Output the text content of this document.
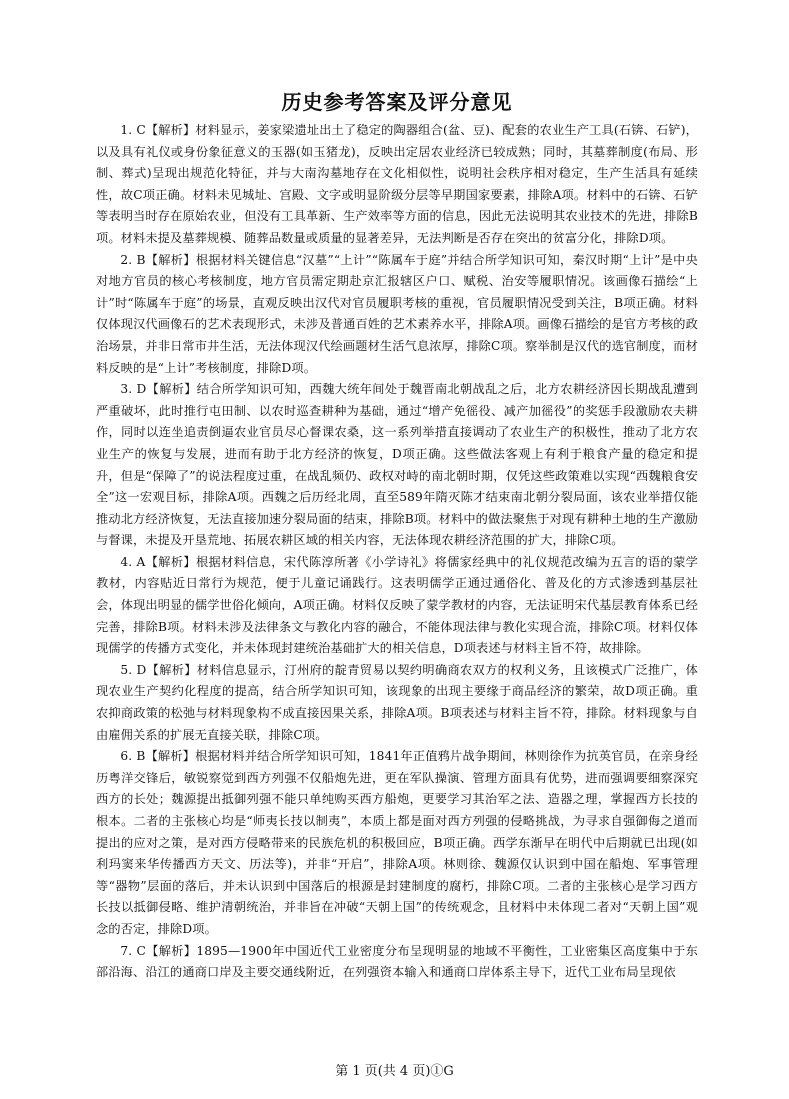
历史参考答案及评分意见

1. C【解析】材料显示，姜家梁遗址出土了稳定的陶器组合(盆、豆)、配套的农业生产工具(石锛、石铲)，以及具有礼仪或身份象征意义的玉器(如玉猪龙)，反映出定居农业经济已较成熟；同时，其墓葬制度(布局、形制、葬式)呈现出规范化特征，并与大南沟墓地存在文化相似性，说明社会秩序相对稳定，生产生活具有延续性，故C项正确。材料未见城址、宫殿、文字或明显阶级分层等早期国家要素，排除A项。材料中的石锛、石铲等表明当时存在原始农业，但没有工具革新、生产效率等方面的信息，因此无法说明其农业技术的先进，排除B项。材料未提及墓葬规模、随葬品数量或质量的显著差异，无法判断是否存在突出的贫富分化，排除D项。

2. B【解析】根据材料关键信息“汉墓”“上计”“陈属车于庭”并结合所学知识可知，秦汉时期“上计”是中央对地方官员的核心考核制度，地方官员需定期赴京汇报辖区户口、赋税、治安等履职情况。该画像石描绘“上计”时“陈属车于庭”的场景，直观反映出汉代对官员履职考核的重视，官员履职情况受到关注，B项正确。材料仅体现汉代画像石的艺术表现形式，未涉及普通百姓的艺术素养水平，排除A项。画像石描绘的是官方考核的政治场景，并非日常市井生活，无法体现汉代绘画题材生活气息浓厚，排除C项。察举制是汉代的选官制度，而材料反映的是“上计”考核制度，排除D项。

3. D【解析】结合所学知识可知，西魏大统年间处于魏晋南北朝战乱之后，北方农耕经济因长期战乱遭到严重破坏，此时推行屯田制、以农时巡查耕种为基础，通过“增产免徭役、减产加徭役”的奖惩手段激励农夫耕作，同时以连坐追责倒逼农业官员尽心督课农桑，这一系列举措直接调动了农业生产的积极性，推动了北方农业生产的恢复与发展，进而有助于北方经济的恢复，D项正确。这些做法客观上有利于粮食产量的稳定和提升，但是“保障了”的说法程度过重，在战乱频仍、政权对峙的南北朝时期，仅凭这些政策难以实现“西魏粮食安全”这一宏观目标，排除A项。西魏之后历经北周，直至589年隋灭陈才结束南北朝分裂局面，该农业举措仅能推动北方经济恢复，无法直接加速分裂局面的结束，排除B项。材料中的做法聚焦于对现有耕种土地的生产激励与督课，未提及开垦荒地、拓展农耕区域的相关内容，无法体现农耕经济范围的扩大，排除C项。

4. A【解析】根据材料信息，宋代陈淳所著《小学诗礼》将儒家经典中的礼仪规范改编为五言的语的蒙学教材，内容贴近日常行为规范，便于儿童记诵践行。这表明儒学正通过通俗化、普及化的方式渗透到基层社会，体现出明显的儒学世俗化倾向，A项正确。材料仅反映了蒙学教材的内容，无法证明宋代基层教育体系已经完善，排除B项。材料未涉及法律条文与教化内容的融合，不能体现法律与教化实现合流，排除C项。材料仅体现儒学的传播方式变化，并未体现封建统治基础扩大的相关信息，D项表述与材料主旨不符，故排除。

5. D【解析】材料信息显示，汀州府的靛青贸易以契约明确商农双方的权利义务，且该模式广泛推广，体现农业生产契约化程度的提高，结合所学知识可知，该现象的出现主要缘于商品经济的繁荣，故D项正确。重农抑商政策的松弛与材料现象构不成直接因果关系，排除A项。B项表述与材料主旨不符，排除。材料现象与自由雇佣关系的扩展无直接关联，排除C项。

6. B【解析】根据材料并结合所学知识可知，1841年正值鸦片战争期间，林则徐作为抗英官员，在亲身经历粤洋交锋后，敏锐察觉到西方列强不仅船炮先进，更在军队操演、管理方面具有优势，进而强调要细察深究西方的长处；魏源提出抵御列强不能只单纯购买西方船炮，更要学习其治军之法、造器之理，掌握西方长技的根本。二者的主张核心均是“师夷长技以制夷”，本质上都是面对西方列强的侵略挑战，为寻求自强御侮之道而提出的应对之策，是对西方侵略带来的民族危机的积极回应，B项正确。西学东渐早在明代中后期就已出现(如利玛窦来华传播西方天文、历法等)，并非“开启”，排除A项。林则徐、魏源仅认识到中国在船炮、军事管理等“器物”层面的落后，并未认识到中国落后的根源是封建制度的腐朽，排除C项。二者的主张核心是学习西方长技以抵御侵略、维护清朝统治，并非旨在冲破“天朝上国”的传统观念，且材料中未体现二者对“天朝上国”观念的否定，排除D项。

7. C【解析】1895—1900年中国近代工业密度分布呈现明显的地域不平衡性，工业密集区高度集中于东部沿海、沿江的通商口岸及主要交通线附近，在列强资本输入和通商口岸体系主导下，近代工业布局呈现依

第 1 页(共 4 页)①G
